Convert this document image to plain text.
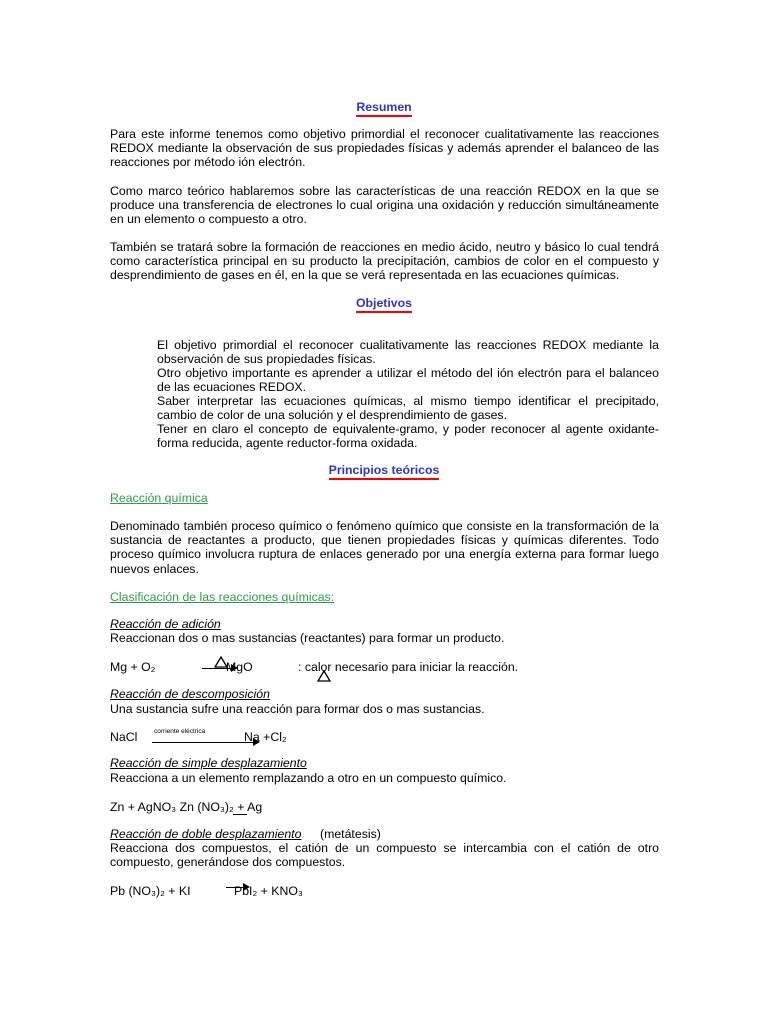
Resumen

Para este informe tenemos como objetivo primordial el reconocer cualitativamente las reacciones REDOX mediante la observación de sus propiedades físicas y además aprender el balanceo de las reacciones por método ión electrón.

Como marco teórico hablaremos sobre las características de una reacción REDOX en la que se produce una transferencia de electrones lo cual origina una oxidación y reducción simultáneamente en un elemento o compuesto a otro.

También se tratará sobre la formación de reacciones en medio ácido, neutro y básico lo cual tendrá como característica principal en su producto la precipitación, cambios de color en el compuesto y desprendimiento de gases en él, en la que se verá representada en las ecuaciones químicas.

Objetivos

El objetivo primordial el reconocer cualitativamente las reacciones REDOX mediante la observación de sus propiedades físicas.

Otro objetivo importante es aprender a utilizar el método del ión electrón para el balanceo de las ecuaciones REDOX.

Saber interpretar las ecuaciones químicas, al mismo tiempo identificar el precipitado, cambio de color de una solución y el desprendimiento de gases.

Tener en claro el concepto de equivalente-gramo, y poder reconocer al agente oxidante-forma reducida, agente reductor-forma oxidada.

Principios teóricos
Reacción química

Denominado también proceso químico o fenómeno químico que consiste en la transformación de la sustancia de reactantes a producto, que tienen propiedades físicas y químicas diferentes. Todo proceso químico involucra ruptura de enlaces generado por una energía externa para formar luego nuevos enlaces.

Clasificación de las reacciones químicas:
Reacción de adición
Reaccionan dos o mas sustancias (reactantes) para formar un producto.
Mg + O₂	MgO	: calor necesario para iniciar la reacción.
Reacción de descomposición
Una sustancia sufre una reacción para formar dos o mas sustancias.
NaCl	corriente eléctrica	Na +Cl₂
Reacción de simple desplazamiento
Reacciona a un elemento remplazando a otro en un compuesto químico.
Zn + AgNO₃ Zn (NO₃)₂ + Ag
Reacción de doble desplazamiento (metátesis)

Reacciona dos compuestos, el catión de un compuesto se intercambia con el catión de otro compuesto, generándose dos compuestos.

Pb (NO₃)₂ + KI	PbI₂ + KNO₃
